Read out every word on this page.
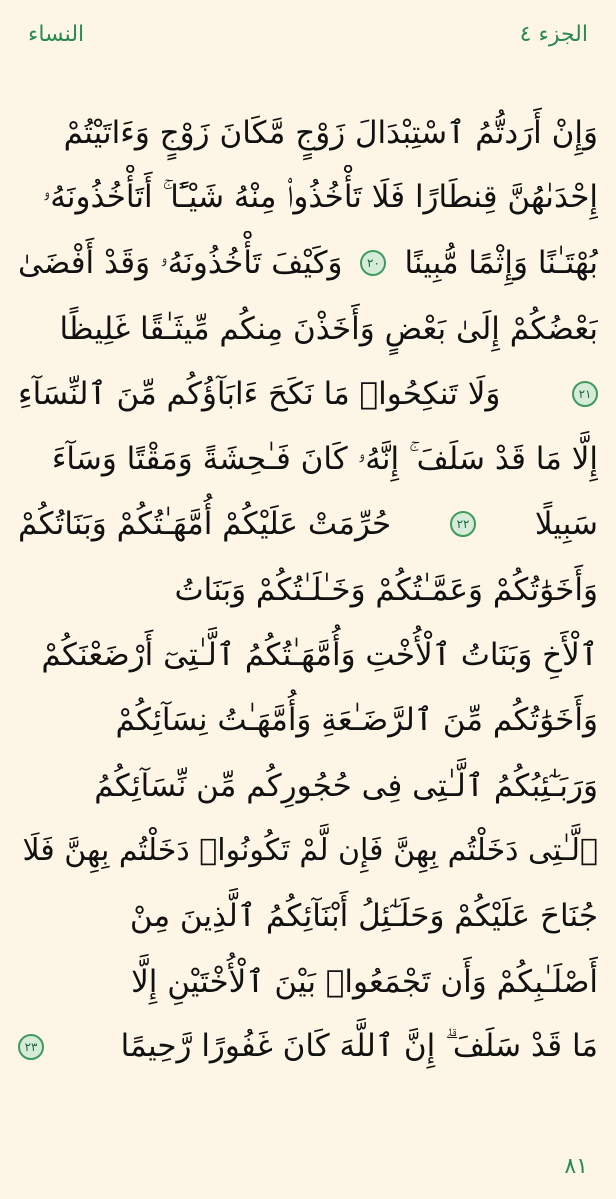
النساء	الجزء ٤
وَإِنْ أَرَدتُّمُ ٱسْتِبْدَالَ زَوْجٍ مَّكَانَ زَوْجٍ وَءَاتَيْتُمْ
إِحْدَىٰهُنَّ قِنطَارًا فَلَا تَأْخُذُوا۟ مِنْهُ شَيْـًٔا ۚ أَتَأْخُذُونَهُۥ
بُهْتَـٰنًا وَإِثْمًا مُّبِينًا
٢٠
وَكَيْفَ تَأْخُذُونَهُۥ وَقَدْ أَفْضَىٰ
بَعْضُكُمْ إِلَىٰ بَعْضٍ وَأَخَذْنَ مِنكُم مِّيثَـٰقًا غَلِيظًا
٢١
وَلَا تَنكِحُوا۟ مَا نَكَحَ ءَابَآؤُكُم مِّنَ ٱلنِّسَآءِ
إِلَّا مَا قَدْ سَلَفَ ۚ إِنَّهُۥ كَانَ فَـٰحِشَةً وَمَقْتًا وَسَآءَ
سَبِيلًا
٢٢
حُرِّمَتْ عَلَيْكُمْ أُمَّهَـٰتُكُمْ وَبَنَاتُكُمْ
وَأَخَوَٰتُكُمْ وَعَمَّـٰتُكُمْ وَخَـٰلَـٰتُكُمْ وَبَنَاتُ
ٱلْأَخِ وَبَنَاتُ ٱلْأُخْتِ وَأُمَّهَـٰتُكُمُ ٱلَّـٰتِىٓ أَرْضَعْنَكُمْ
وَأَخَوَٰتُكُم مِّنَ ٱلرَّضَـٰعَةِ وَأُمَّهَـٰتُ نِسَآئِكُمْ
وَرَبَـٰٓئِبُكُمُ ٱلَّـٰتِى فِى حُجُورِكُم مِّن نِّسَآئِكُمُ
ٱلَّـٰتِى دَخَلْتُم بِهِنَّ فَإِن لَّمْ تَكُونُوا۟ دَخَلْتُم بِهِنَّ فَلَا
جُنَاحَ عَلَيْكُمْ وَحَلَـٰٓئِلُ أَبْنَآئِكُمُ ٱلَّذِينَ مِنْ
أَصْلَـٰبِكُمْ وَأَن تَجْمَعُوا۟ بَيْنَ ٱلْأُخْتَيْنِ إِلَّا
مَا قَدْ سَلَفَ ۗ إِنَّ ٱللَّهَ كَانَ غَفُورًا رَّحِيمًا
٢٣
٨١
